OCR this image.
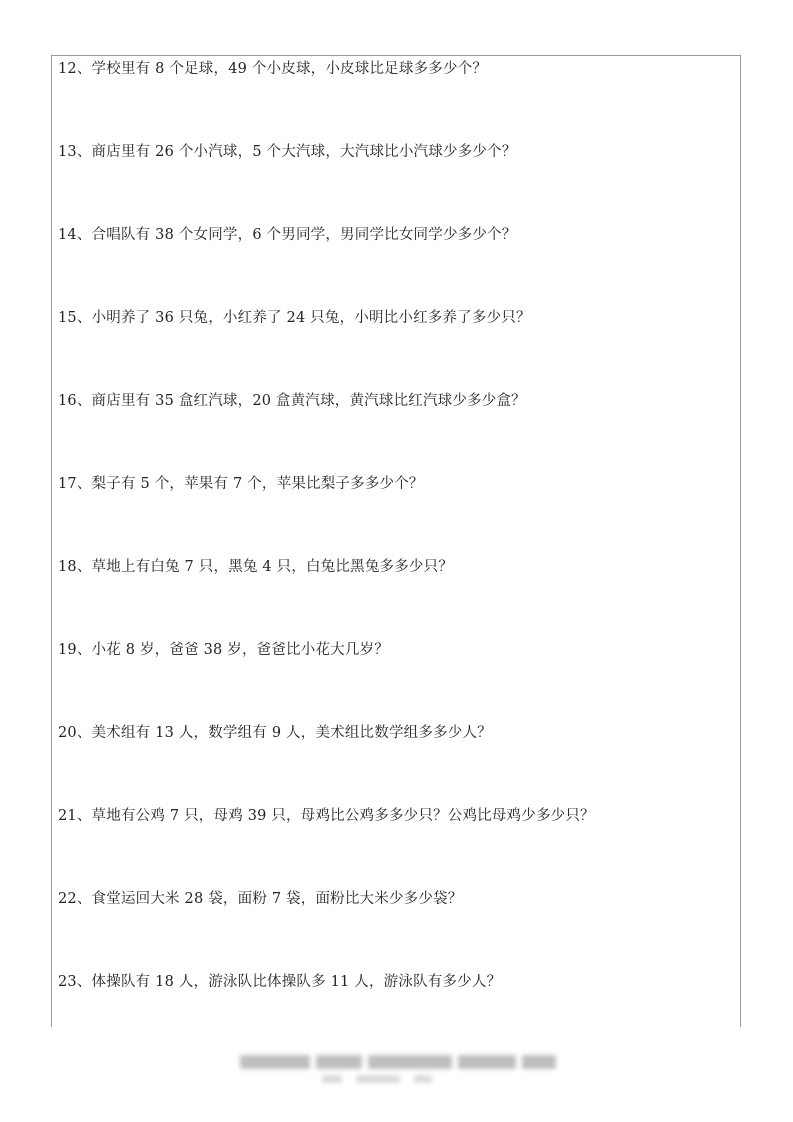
12、学校里有 8 个足球，49 个小皮球，小皮球比足球多多少个？
13、商店里有 26 个小汽球，5 个大汽球，大汽球比小汽球少多少个？
14、合唱队有 38 个女同学，6 个男同学，男同学比女同学少多少个？
15、小明养了 36 只兔，小红养了 24 只兔，小明比小红多养了多少只？
16、商店里有 35 盒红汽球，20 盒黄汽球，黄汽球比红汽球少多少盒？
17、梨子有 5 个，苹果有 7 个，苹果比梨子多多少个？
18、草地上有白兔 7 只，黑兔 4 只，白兔比黑兔多多少只？
19、小花 8 岁，爸爸 38 岁，爸爸比小花大几岁？
20、美术组有 13 人，数学组有 9 人，美术组比数学组多多少人？
21、草地有公鸡 7 只，母鸡 39 只，母鸡比公鸡多多少只？公鸡比母鸡少多少只？
22、食堂运回大米 28 袋，面粉 7 袋，面粉比大米少多少袋？
23、体操队有 18 人，游泳队比体操队多 11 人，游泳队有多少人？
